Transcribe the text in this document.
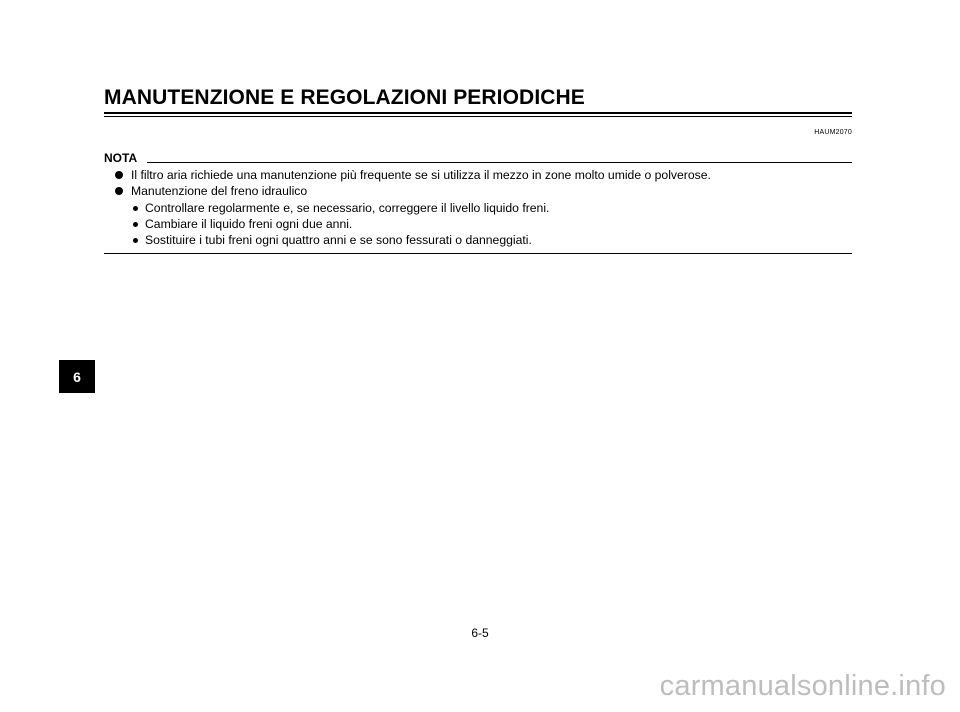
MANUTENZIONE E REGOLAZIONI PERIODICHE
HAUM2070
NOTA
Il filtro aria richiede una manutenzione più frequente se si utilizza il mezzo in zone molto umide o polverose.
Manutenzione del freno idraulico
Controllare regolarmente e, se necessario, correggere il livello liquido freni.
Cambiare il liquido freni ogni due anni.
Sostituire i tubi freni ogni quattro anni e se sono fessurati o danneggiati.
6
6-5
carmanualsonline.info
